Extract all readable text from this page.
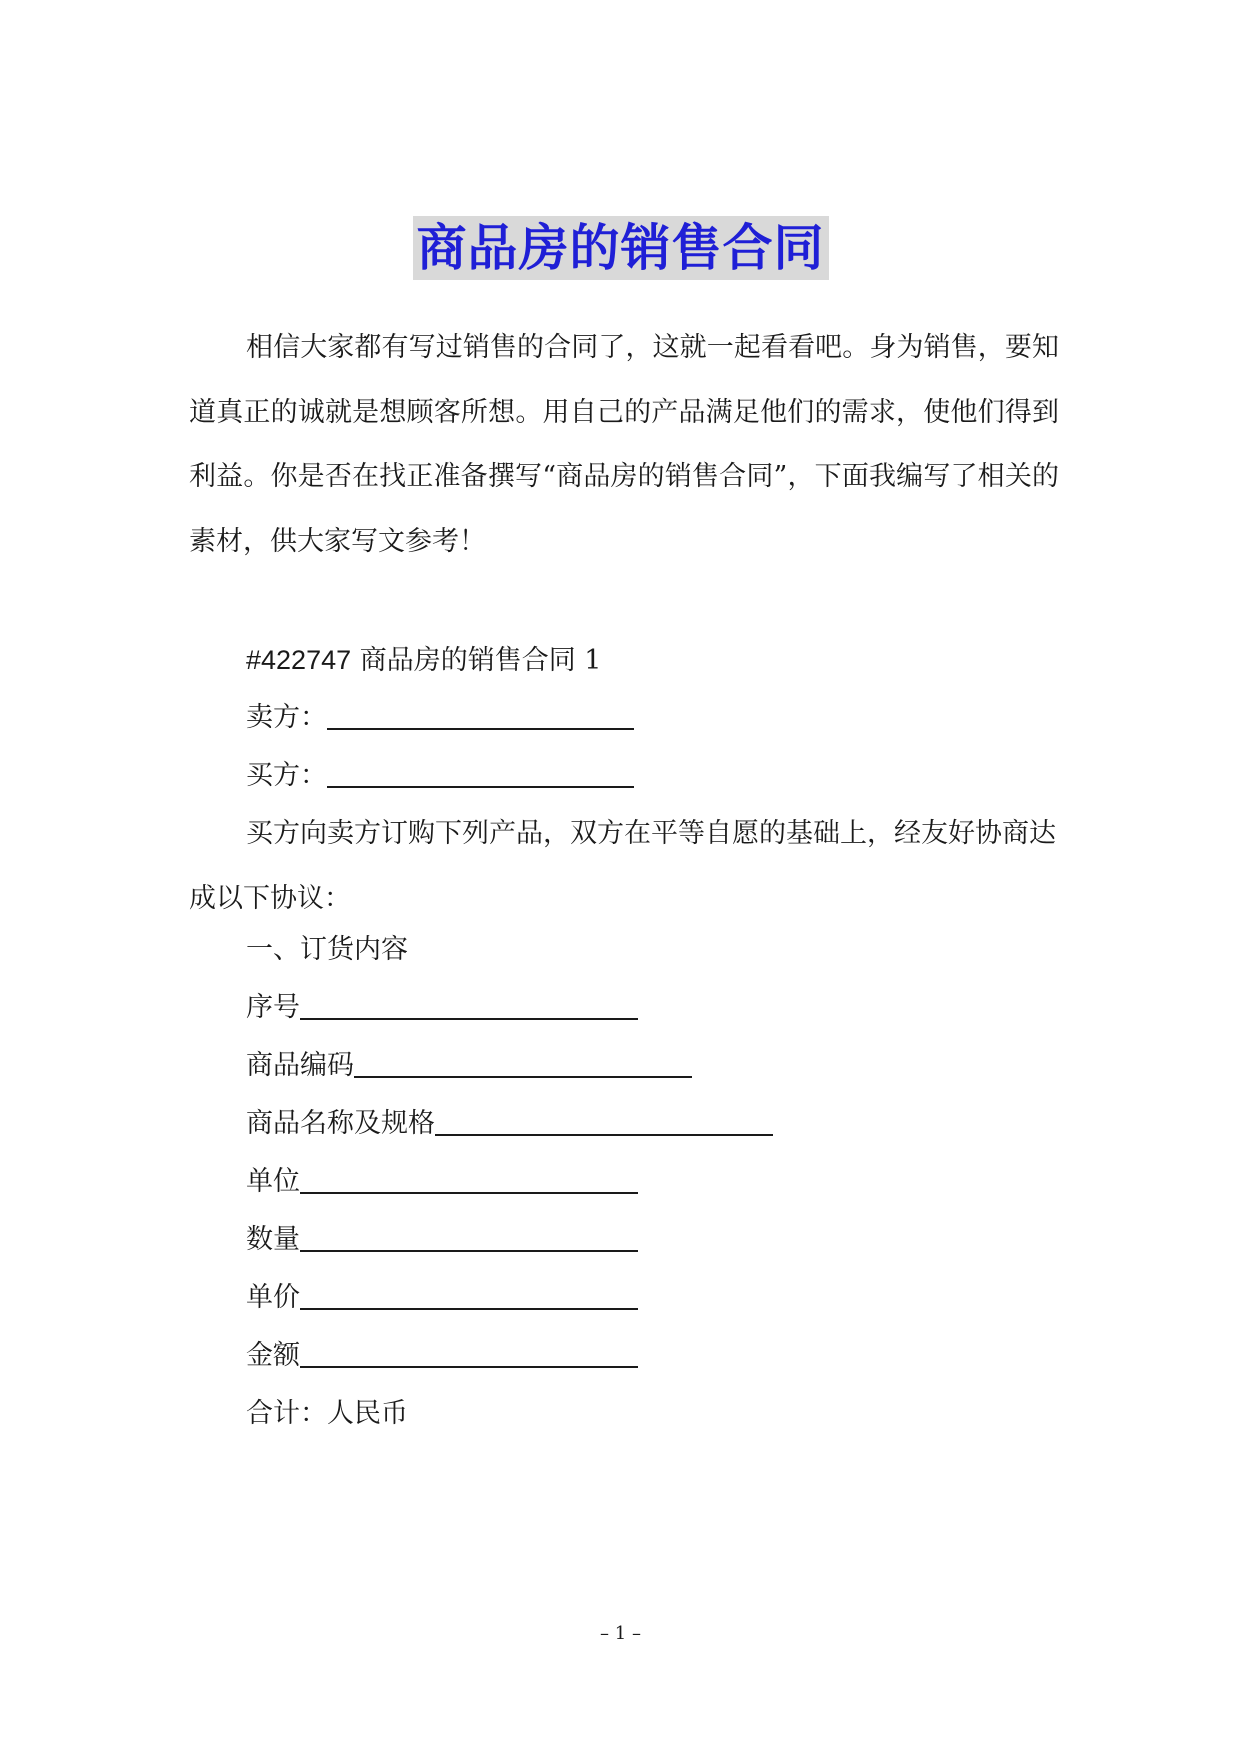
商品房的销售合同

相信大家都有写过销售的合同了，这就一起看看吧。身为销售，要知道真正的诚就是想顾客所想。用自己的产品满足他们的需求，使他们得到利益。你是否在找正准备撰写“商品房的销售合同”，下面我编写了相关的素材，供大家写文参考！

#422747 商品房的销售合同 1
卖方：
买方：
买方向卖方订购下列产品，双方在平等自愿的基础上，经友好协商达成以下协议：
一、订货内容
序号
商品编码
商品名称及规格
单位
数量
单价
金额
合计：人民币
– 1 –
